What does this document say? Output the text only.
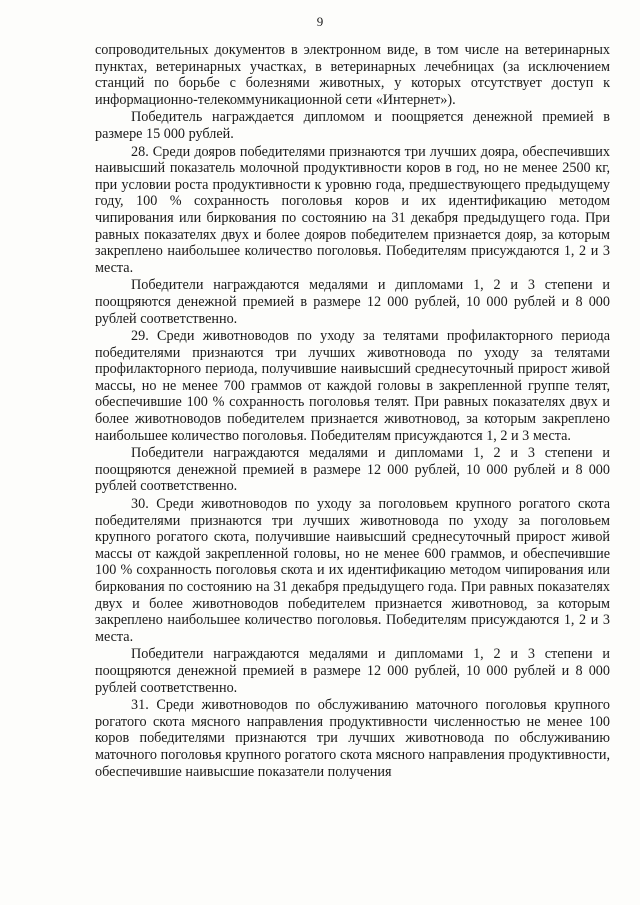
9

сопроводительных документов в электронном виде, в том числе на ветеринарных пунктах, ветеринарных участках, в ветеринарных лечебницах (за исключением станций по борьбе с болезнями животных, у которых отсутствует доступ к информационно-телекоммуникационной сети «Интернет»).

Победитель награждается дипломом и поощряется денежной премией в размере 15 000 рублей.

28. Среди дояров победителями признаются три лучших дояра, обеспечивших наивысший показатель молочной продуктивности коров в год, но не менее 2500 кг, при условии роста продуктивности к уровню года, предшествующего предыдущему году, 100 % сохранность поголовья коров и их идентификацию методом чипирования или биркования по состоянию на 31 декабря предыдущего года. При равных показателях двух и более дояров победителем признается дояр, за которым закреплено наибольшее количество поголовья. Победителям присуждаются 1, 2 и 3 места.

Победители награждаются медалями и дипломами 1, 2 и 3 степени и поощряются денежной премией в размере 12 000 рублей, 10 000 рублей и 8 000 рублей соответственно.

29. Среди животноводов по уходу за телятами профилакторного периода победителями признаются три лучших животновода по уходу за телятами профилакторного периода, получившие наивысший среднесуточный прирост живой массы, но не менее 700 граммов от каждой головы в закрепленной группе телят, обеспечившие 100 % сохранность поголовья телят. При равных показателях двух и более животноводов победителем признается животновод, за которым закреплено наибольшее количество поголовья. Победителям присуждаются 1, 2 и 3 места.

Победители награждаются медалями и дипломами 1, 2 и 3 степени и поощряются денежной премией в размере 12 000 рублей, 10 000 рублей и 8 000 рублей соответственно.

30. Среди животноводов по уходу за поголовьем крупного рогатого скота победителями признаются три лучших животновода по уходу за поголовьем крупного рогатого скота, получившие наивысший среднесуточный прирост живой массы от каждой закрепленной головы, но не менее 600 граммов, и обеспечившие 100 % сохранность поголовья скота и их идентификацию методом чипирования или биркования по состоянию на 31 декабря предыдущего года. При равных показателях двух и более животноводов победителем признается животновод, за которым закреплено наибольшее количество поголовья. Победителям присуждаются 1, 2 и 3 места.

Победители награждаются медалями и дипломами 1, 2 и 3 степени и поощряются денежной премией в размере 12 000 рублей, 10 000 рублей и 8 000 рублей соответственно.

31. Среди животноводов по обслуживанию маточного поголовья крупного рогатого скота мясного направления продуктивности численностью не менее 100 коров победителями признаются три лучших животновода по обслуживанию маточного поголовья крупного рогатого скота мясного направления продуктивности, обеспечившие наивысшие показатели получения
